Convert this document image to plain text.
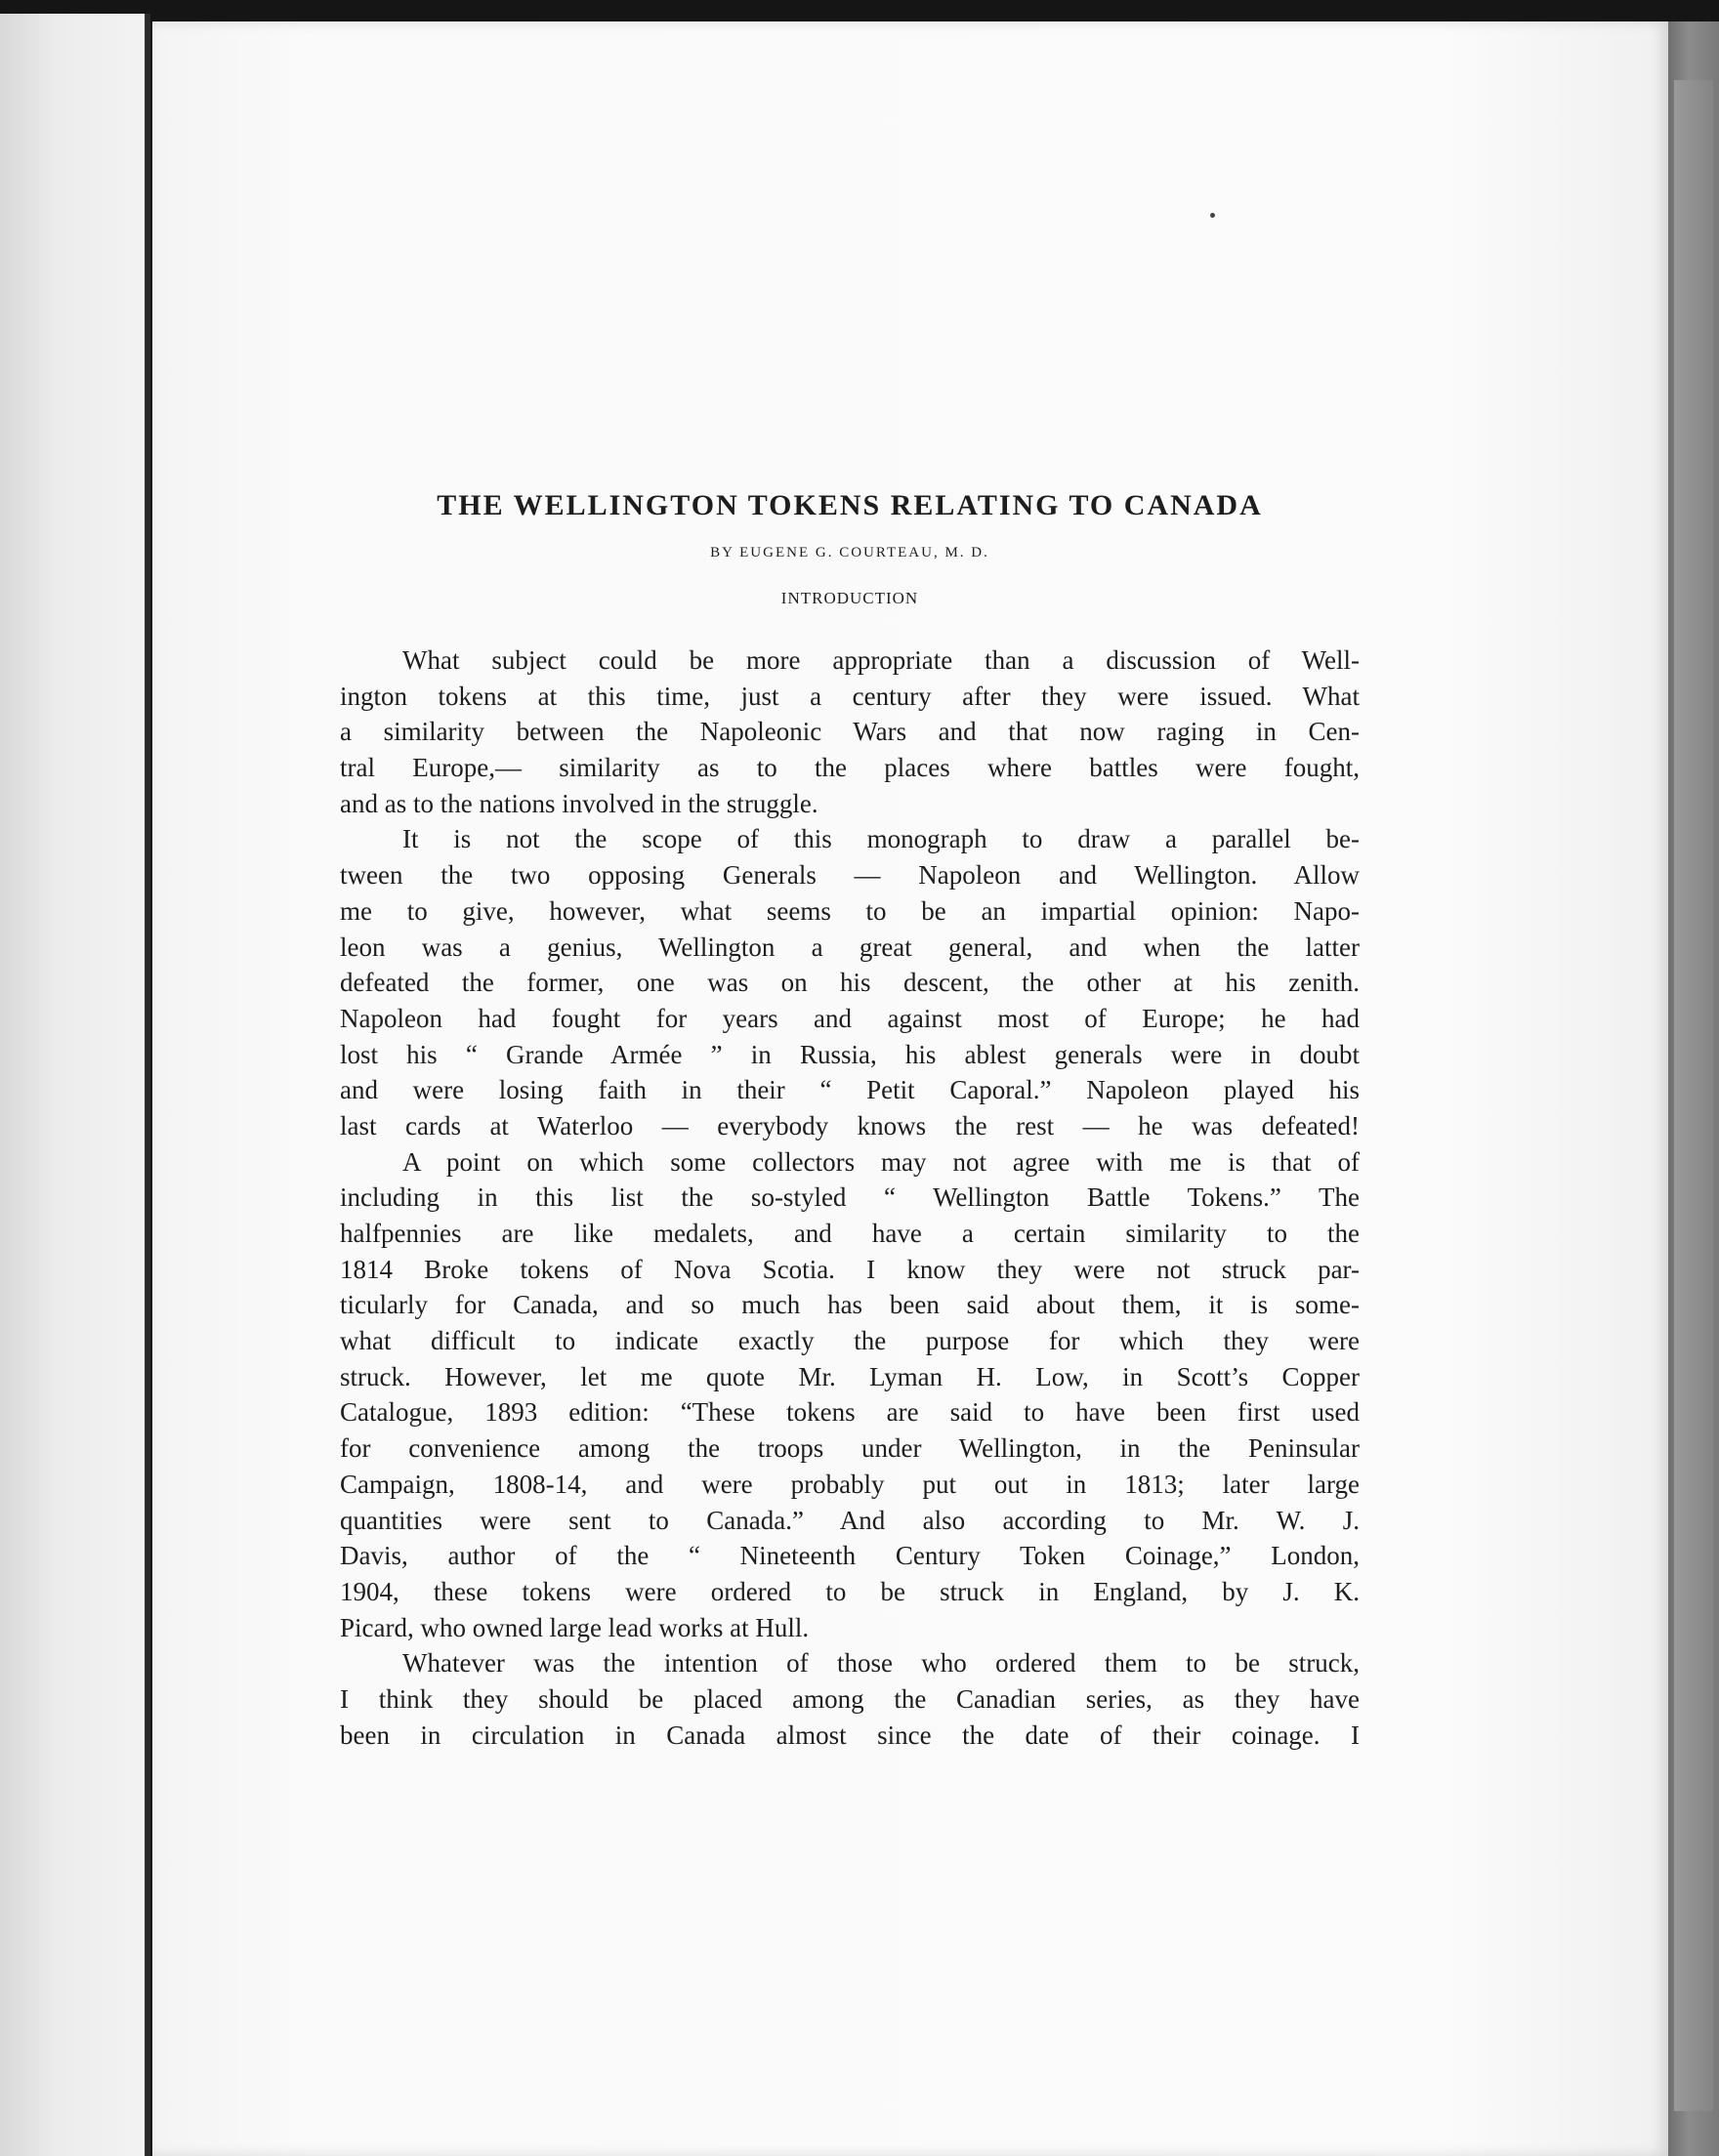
THE WELLINGTON TOKENS RELATING TO CANADA
BY EUGENE G. COURTEAU, M. D.
INTRODUCTION

What subject could be more appropriate than a discussion of Well-
ington tokens at this time, just a century after they were issued. What
a similarity between the Napoleonic Wars and that now raging in Cen-
tral Europe,— similarity as to the places where battles were fought,
and as to the nations involved in the struggle.

It is not the scope of this monograph to draw a parallel be-
tween the two opposing Generals — Napoleon and Wellington. Allow
me to give, however, what seems to be an impartial opinion: Napo-
leon was a genius, Wellington a great general, and when the latter
defeated the former, one was on his descent, the other at his zenith.
Napoleon had fought for years and against most of Europe; he had
lost his “ Grande Armée ” in Russia, his ablest generals were in doubt
and were losing faith in their “ Petit Caporal.” Napoleon played his
last cards at Waterloo — everybody knows the rest — he was defeated!

A point on which some collectors may not agree with me is that of
including in this list the so-styled “ Wellington Battle Tokens.” The
halfpennies are like medalets, and have a certain similarity to the
1814 Broke tokens of Nova Scotia. I know they were not struck par-
ticularly for Canada, and so much has been said about them, it is some-
what difficult to indicate exactly the purpose for which they were
struck. However, let me quote Mr. Lyman H. Low, in Scott’s Copper
Catalogue, 1893 edition: “These tokens are said to have been first used
for convenience among the troops under Wellington, in the Peninsular
Campaign, 1808-14, and were probably put out in 1813; later large
quantities were sent to Canada.” And also according to Mr. W. J.
Davis, author of the “ Nineteenth Century Token Coinage,” London,
1904, these tokens were ordered to be struck in England, by J. K.
Picard, who owned large lead works at Hull.

Whatever was the intention of those who ordered them to be struck,
I think they should be placed among the Canadian series, as they have
been in circulation in Canada almost since the date of their coinage. I
